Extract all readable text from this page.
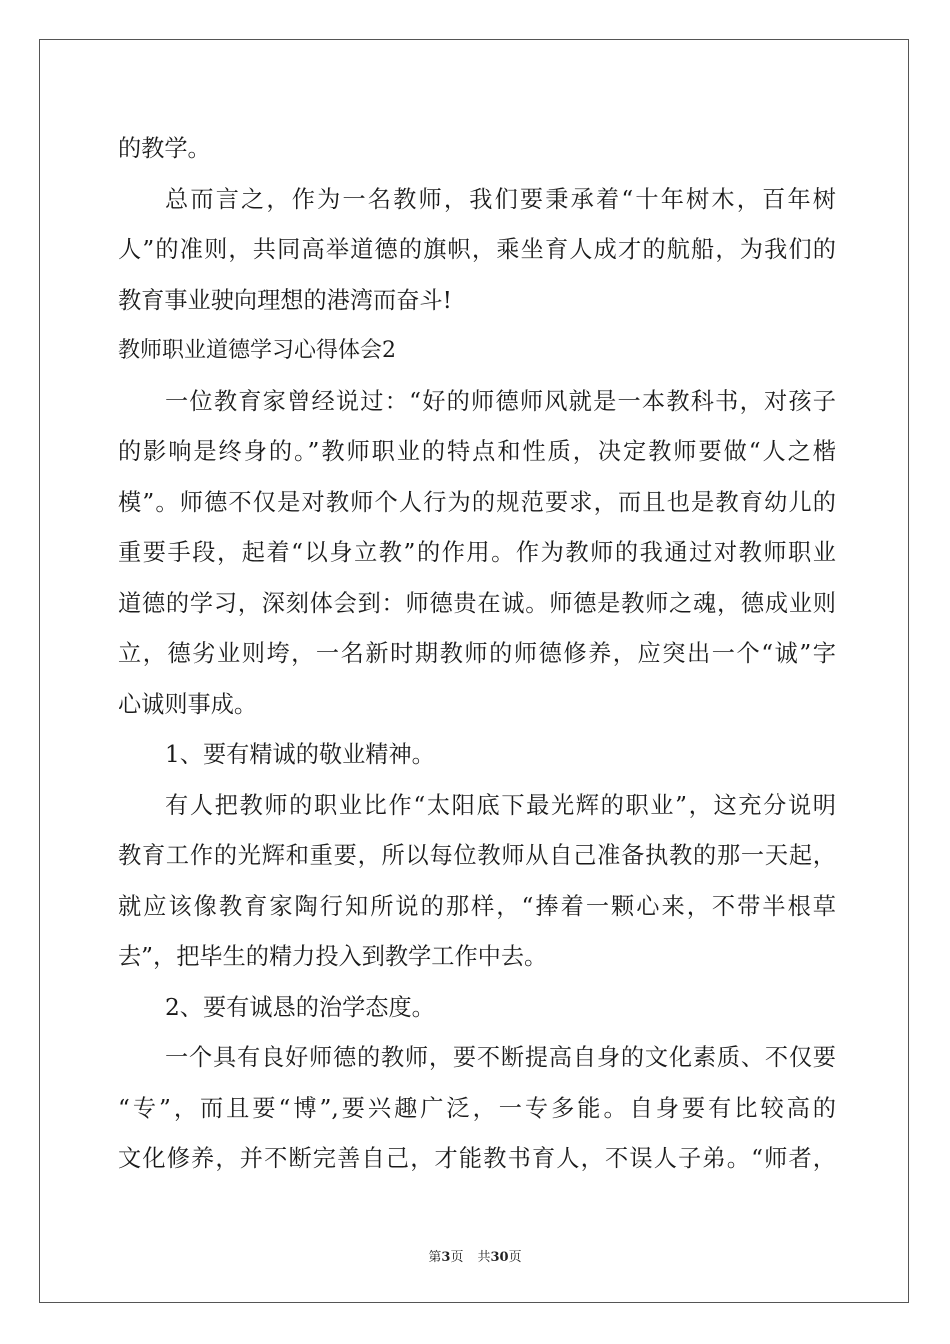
的教学。
总而言之，作为一名教师，我们要秉承着“十年树木，百年树
人”的准则，共同高举道德的旗帜，乘坐育人成才的航船，为我们的
教育事业驶向理想的港湾而奋斗!
教师职业道德学习心得体会2
一位教育家曾经说过：“好的师德师风就是一本教科书，对孩子
的影响是终身的。”教师职业的特点和性质，决定教师要做“人之楷
模”。师德不仅是对教师个人行为的规范要求，而且也是教育幼儿的
重要手段，起着“以身立教”的作用。作为教师的我通过对教师职业
道德的学习，深刻体会到：师德贵在诚。师德是教师之魂，德成业则
立，德劣业则垮，一名新时期教师的师德修养，应突出一个“诚”字
心诚则事成。
1、要有精诚的敬业精神。
有人把教师的职业比作“太阳底下最光辉的职业”，这充分说明
教育工作的光辉和重要，所以每位教师从自己准备执教的那一天起，
就应该像教育家陶行知所说的那样，“捧着一颗心来，不带半根草
去”，把毕生的精力投入到教学工作中去。
2、要有诚恳的治学态度。
一个具有良好师德的教师，要不断提高自身的文化素质、不仅要
“专”，而且要“博”,要兴趣广泛，一专多能。自身要有比较高的
文化修养，并不断完善自己，才能教书育人，不误人子弟。“师者，
第3页 共30页
